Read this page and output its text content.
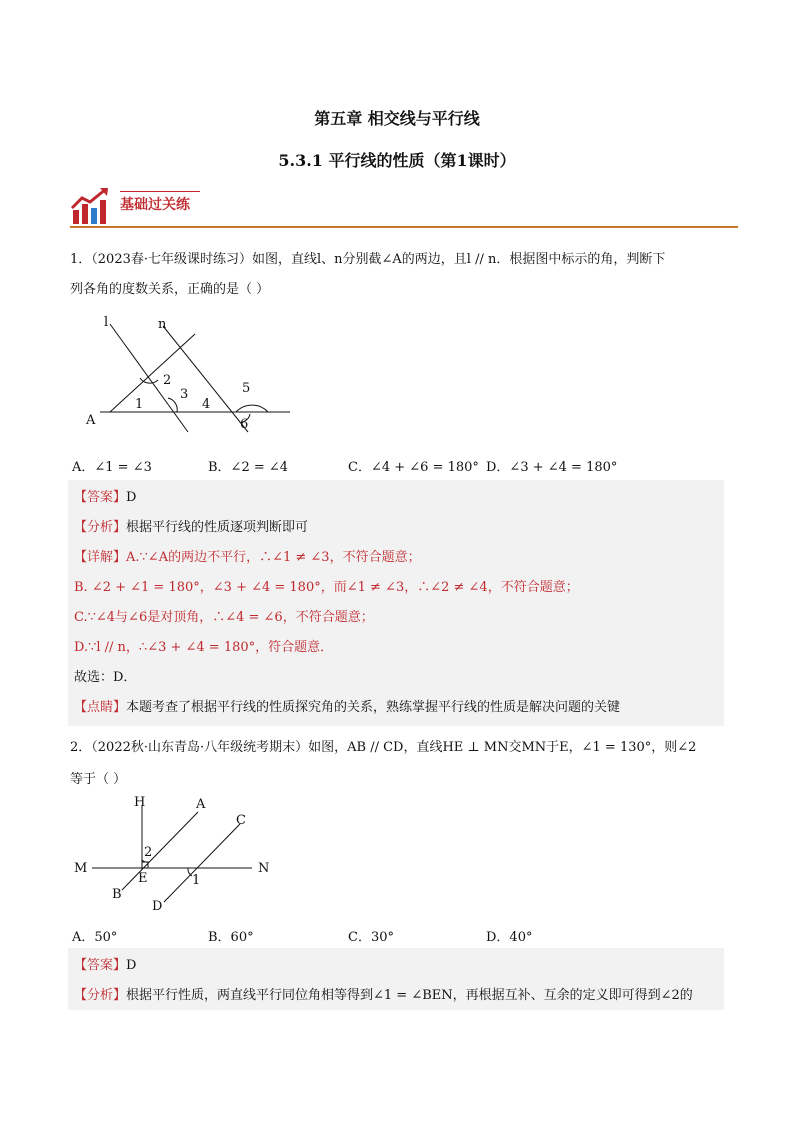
第五章 相交线与平行线
5.3.1 平行线的性质（第1课时）
基础过关练
1．（2023春·七年级课时练习）如图，直线l、n分别截∠A的两边，且l // n．根据图中标示的角，判断下
列各角的度数关系，正确的是（ ）
l	n
A
1
2
3
4
5
6
A．∠1 = ∠3	B．∠2 = ∠4	C．∠4 + ∠6 = 180° D．∠3 + ∠4 = 180°
【答案】D
【分析】根据平行线的性质逐项判断即可
【详解】A.∵∠A的两边不平行，∴∠1 ≠ ∠3，不符合题意；
B. ∠2 + ∠1 = 180°，∠3 + ∠4 = 180°，而∠1 ≠ ∠3，∴∠2 ≠ ∠4，不符合题意；
C.∵∠4与∠6是对顶角，∴∠4 = ∠6，不符合题意；
D.∵l // n，∴∠3 + ∠4 = 180°，符合题意．
故选：D．
【点睛】本题考查了根据平行线的性质探究角的关系，熟练掌握平行线的性质是解决问题的关键
2．（2022秋·山东青岛·八年级统考期末）如图，AB // CD，直线HE ⊥ MN交MN于E，∠1 = 130°，则∠2
等于（ ）
H	A
C
M	N
E
B
D
1
2
A．50°	B．60°	C．30°	D．40°
【答案】D
【分析】根据平行性质，两直线平行同位角相等得到∠1 = ∠BEN，再根据互补、互余的定义即可得到∠2的
